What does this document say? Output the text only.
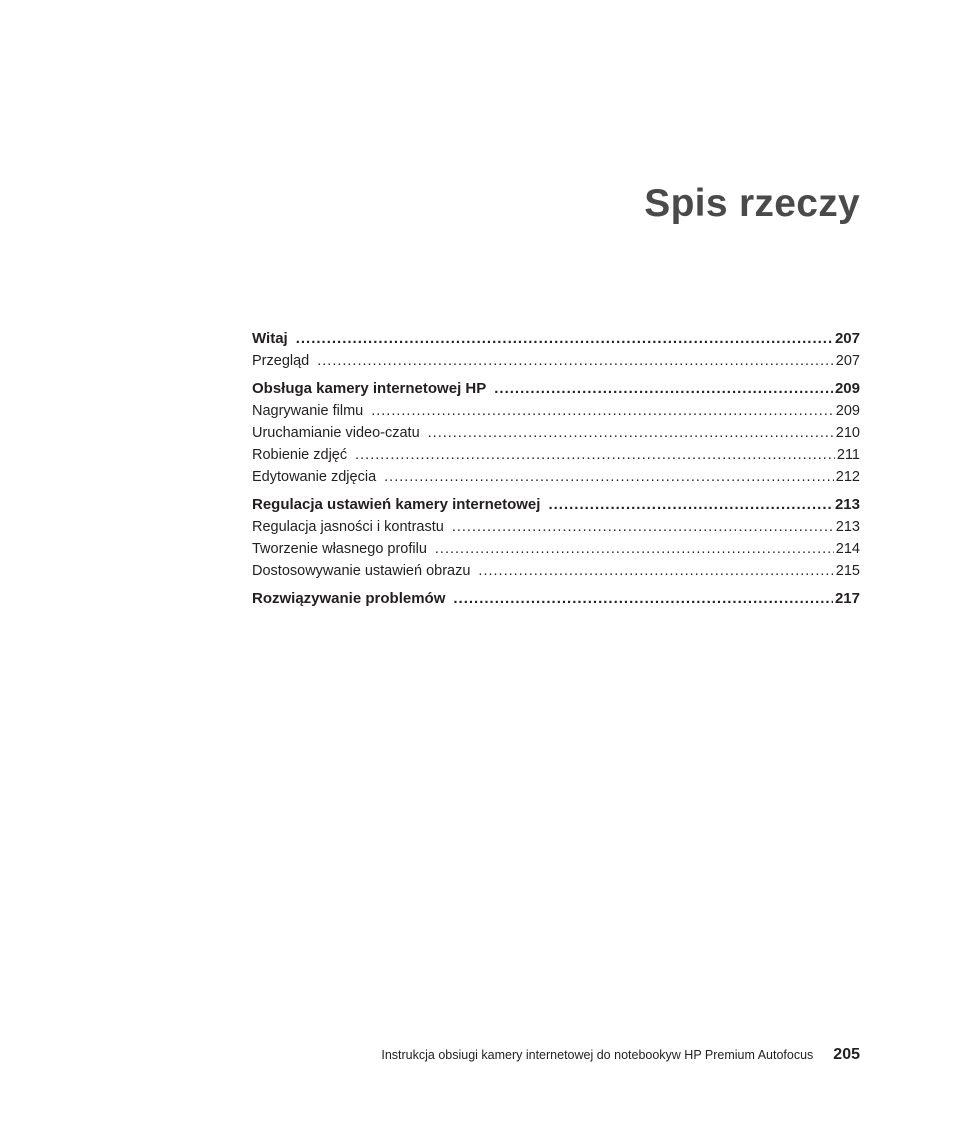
Spis rzeczy
Witaj .....	207
Przegląd .....	207
Obsługa kamery internetowej HP .....	209
Nagrywanie filmu .....	209
Uruchamianie video-czatu .....	210
Robienie zdjęć .....	211
Edytowanie zdjęcia .....	212
Regulacja ustawień kamery internetowej .....	213
Regulacja jasności i kontrastu .....	213
Tworzenie własnego profilu .....	214
Dostosowywanie ustawień obrazu .....	215
Rozwiązywanie problemów .....	217
Instrukcja obsiugi kamery internetowej do notebookyw HP Premium Autofocus 205
